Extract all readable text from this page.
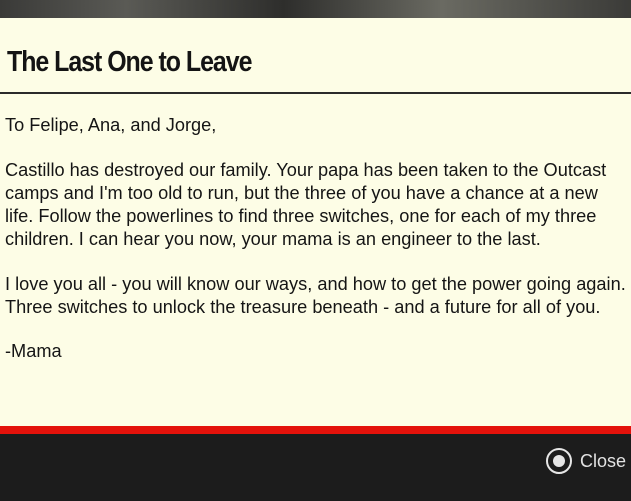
The Last One to Leave

To Felipe, Ana, and Jorge,

Castillo has destroyed our family. Your papa has been taken to the Outcast camps and I'm too old to run, but the three of you have a chance at a new life. Follow the powerlines to find three switches, one for each of my three children. I can hear you now, your mama is an engineer to the last.

I love you all - you will know our ways, and how to get the power going again. Three switches to unlock the treasure beneath - and a future for all of you.

-Mama

Close
